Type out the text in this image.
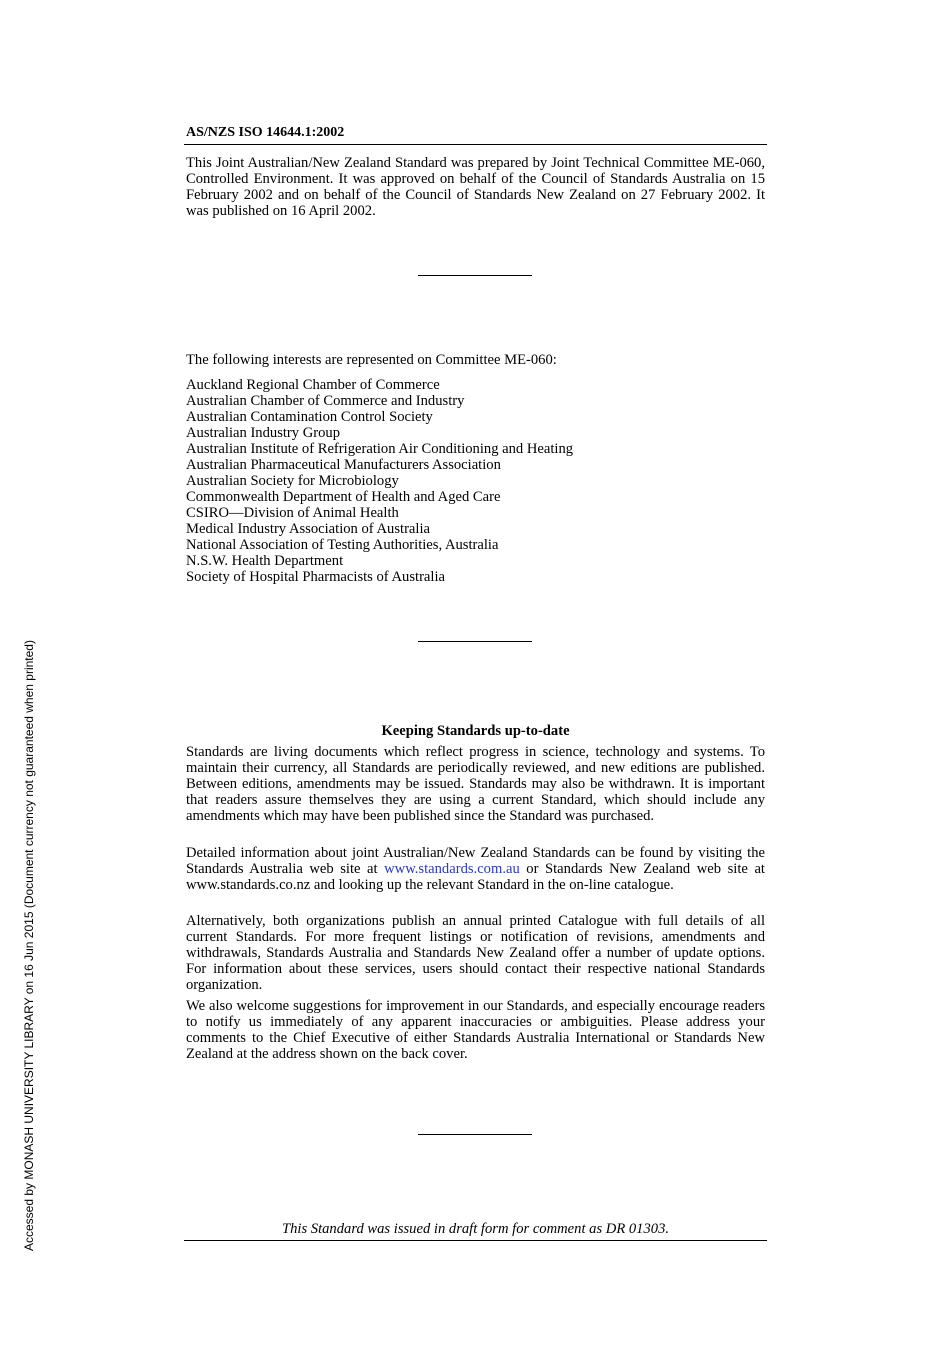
AS/NZS ISO 14644.1:2002
This Joint Australian/New Zealand Standard was prepared by Joint Technical Committee ME-060, Controlled Environment. It was approved on behalf of the Council of Standards Australia on 15 February 2002 and on behalf of the Council of Standards New Zealand on 27 February 2002. It was published on 16 April 2002.
The following interests are represented on Committee ME-060:
Auckland Regional Chamber of Commerce
Australian Chamber of Commerce and Industry
Australian Contamination Control Society
Australian Industry Group
Australian Institute of Refrigeration Air Conditioning and Heating
Australian Pharmaceutical Manufacturers Association
Australian Society for Microbiology
Commonwealth Department of Health and Aged Care
CSIRO—Division of Animal Health
Medical Industry Association of Australia
National Association of Testing Authorities, Australia
N.S.W. Health Department
Society of Hospital Pharmacists of Australia
Keeping Standards up-to-date
Standards are living documents which reflect progress in science, technology and systems. To maintain their currency, all Standards are periodically reviewed, and new editions are published. Between editions, amendments may be issued. Standards may also be withdrawn. It is important that readers assure themselves they are using a current Standard, which should include any amendments which may have been published since the Standard was purchased.
Detailed information about joint Australian/New Zealand Standards can be found by visiting the Standards Australia web site at www.standards.com.au or Standards New Zealand web site at www.standards.co.nz and looking up the relevant Standard in the on-line catalogue.
Alternatively, both organizations publish an annual printed Catalogue with full details of all current Standards. For more frequent listings or notification of revisions, amendments and withdrawals, Standards Australia and Standards New Zealand offer a number of update options. For information about these services, users should contact their respective national Standards organization.
We also welcome suggestions for improvement in our Standards, and especially encourage readers to notify us immediately of any apparent inaccuracies or ambiguities. Please address your comments to the Chief Executive of either Standards Australia International or Standards New Zealand at the address shown on the back cover.
This Standard was issued in draft form for comment as DR 01303.
Accessed by MONASH UNIVERSITY LIBRARY on 16 Jun 2015 (Document currency not guaranteed when printed)
